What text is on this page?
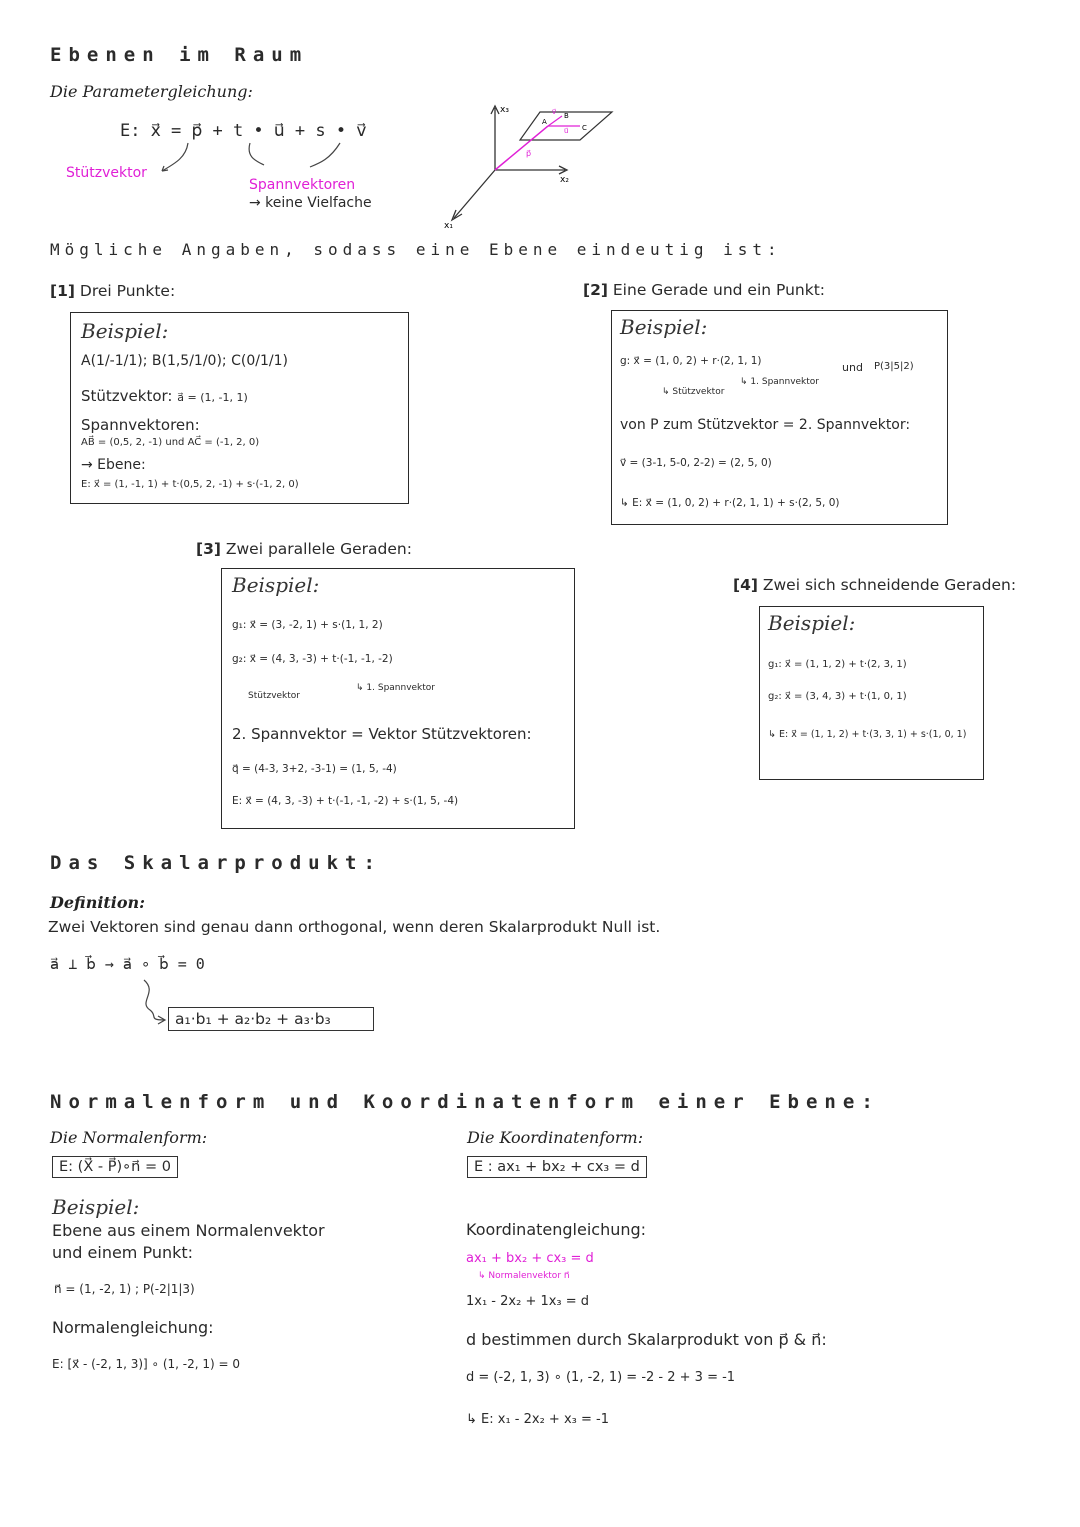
Ebenen im Raum
Die Parametergleichung:
E: x⃗ = p⃗ + t • u⃗ + s • v⃗
Stützvektor
Spannvektoren
→ keine Vielfache
x₃
x₂
x₁
A
B
C
p⃗
u⃗
v⃗
Mögliche Angaben, sodass eine Ebene eindeutig ist:
[1] Drei Punkte:
Beispiel:
A(1/-1/1); B(1,5/1/0); C(0/1/1)
Stützvektor: a⃗ = (1, -1, 1)
Spannvektoren:
AB⃗ = (0,5, 2, -1) und AC⃗ = (-1, 2, 0)
→ Ebene:
E: x⃗ = (1, -1, 1) + t·(0,5, 2, -1) + s·(-1, 2, 0)
[2] Eine Gerade und ein Punkt:
Beispiel:
g: x⃗ = (1, 0, 2) + r·(2, 1, 1)	und P(3|5|2)
↳ Stützvektor
↳ 1. Spannvektor
von P zum Stützvektor = 2. Spannvektor:
v⃗ = (3-1, 5-0, 2-2) = (2, 5, 0)
↳ E: x⃗ = (1, 0, 2) + r·(2, 1, 1) + s·(2, 5, 0)
[3] Zwei parallele Geraden:
Beispiel:
g₁: x⃗ = (3, -2, 1) + s·(1, 1, 2)
g₂: x⃗ = (4, 3, -3) + t·(-1, -1, -2)
Stützvektor
↳ 1. Spannvektor
2. Spannvektor = Vektor Stützvektoren:
q⃗ = (4-3, 3+2, -3-1) = (1, 5, -4)
E: x⃗ = (4, 3, -3) + t·(-1, -1, -2) + s·(1, 5, -4)
[4] Zwei sich schneidende Geraden:
Beispiel:
g₁: x⃗ = (1, 1, 2) + t·(2, 3, 1)
g₂: x⃗ = (3, 4, 3) + t·(1, 0, 1)
↳ E: x⃗ = (1, 1, 2) + t·(3, 3, 1) + s·(1, 0, 1)
Das Skalarprodukt:
Definition:
Zwei Vektoren sind genau dann orthogonal, wenn deren Skalarprodukt Null ist.
a⃗ ⊥ b⃗ → a⃗ ∘ b⃗ = 0
a₁·b₁ + a₂·b₂ + a₃·b₃
Normalenform und Koordinatenform einer Ebene:
Die Normalenform:
E: (X⃗ - P⃗)∘n⃗ = 0
Die Koordinatenform:
E : ax₁ + bx₂ + cx₃ = d
Beispiel:
Ebene aus einem Normalenvektor
und einem Punkt:
n⃗ = (1, -2, 1) ; P(-2|1|3)
Normalengleichung:
E: [x⃗ - (-2, 1, 3)] ∘ (1, -2, 1) = 0
Koordinatengleichung:
ax₁ + bx₂ + cx₃ = d
↳ Normalenvektor n⃗
1x₁ - 2x₂ + 1x₃ = d
d bestimmen durch Skalarprodukt von p⃗ & n⃗:
d = (-2, 1, 3) ∘ (1, -2, 1) = -2 - 2 + 3 = -1
↳ E: x₁ - 2x₂ + x₃ = -1
